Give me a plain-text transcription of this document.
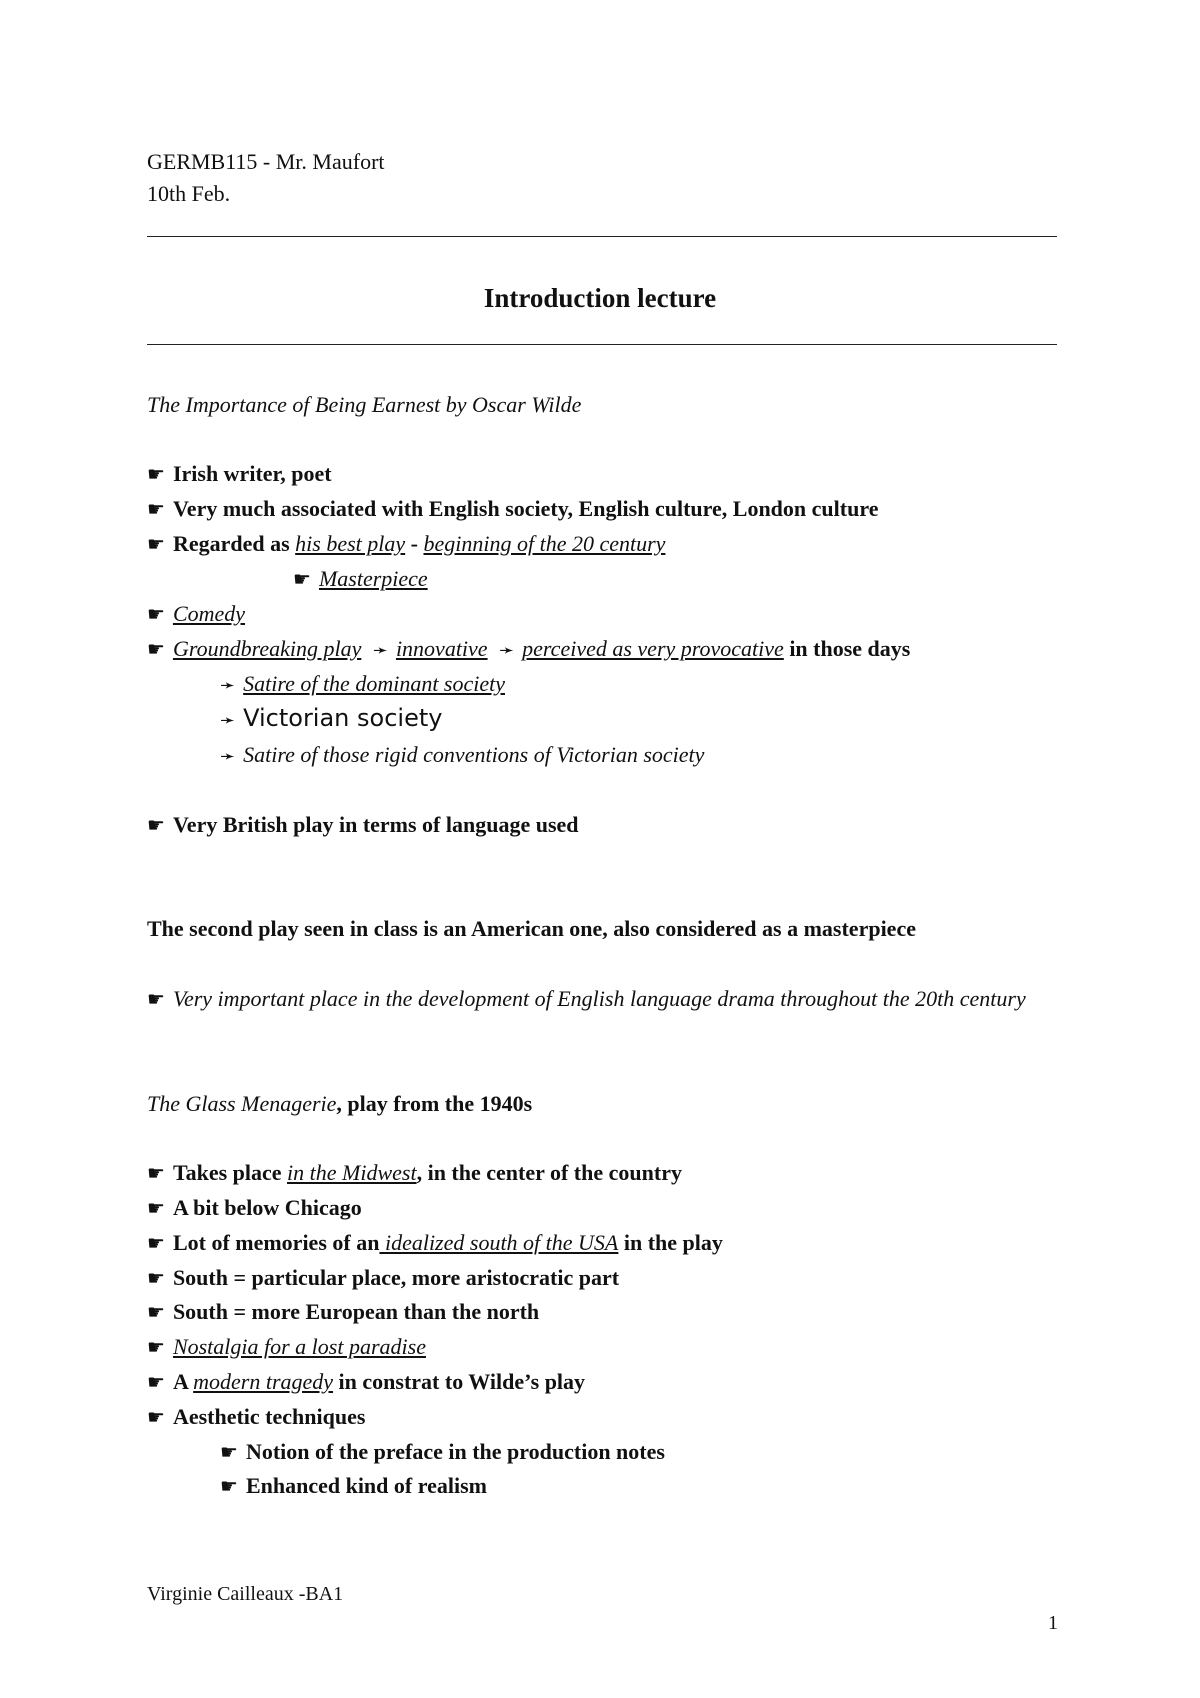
GERMB115 - Mr. Maufort
10th Feb.
Introduction lecture
The Importance of Being Earnest by Oscar Wilde
☛ Irish writer, poet
☛ Very much associated with English society, English culture, London culture
☛ Regarded as his best play - beginning of the 20 century
☛ Masterpiece
☛ Comedy
☛ Groundbreaking play ➛ innovative ➛ perceived as very provocative in those days
➛ Satire of the dominant society
➛ Victorian society
➛ Satire of those rigid conventions of Victorian society
☛ Very British play in terms of language used
The second play seen in class is an American one, also considered as a masterpiece
☛ Very important place in the development of English language drama throughout the 20th century
The Glass Menagerie, play from the 1940s
☛ Takes place in the Midwest, in the center of the country
☛ A bit below Chicago
☛ Lot of memories of an idealized south of the USA in the play
☛ South = particular place, more aristocratic part
☛ South = more European than the north
☛ Nostalgia for a lost paradise
☛ A modern tragedy in constrat to Wilde’s play
☛ Aesthetic techniques
☛ Notion of the preface in the production notes
☛ Enhanced kind of realism
Virginie Cailleaux -BA1
1
